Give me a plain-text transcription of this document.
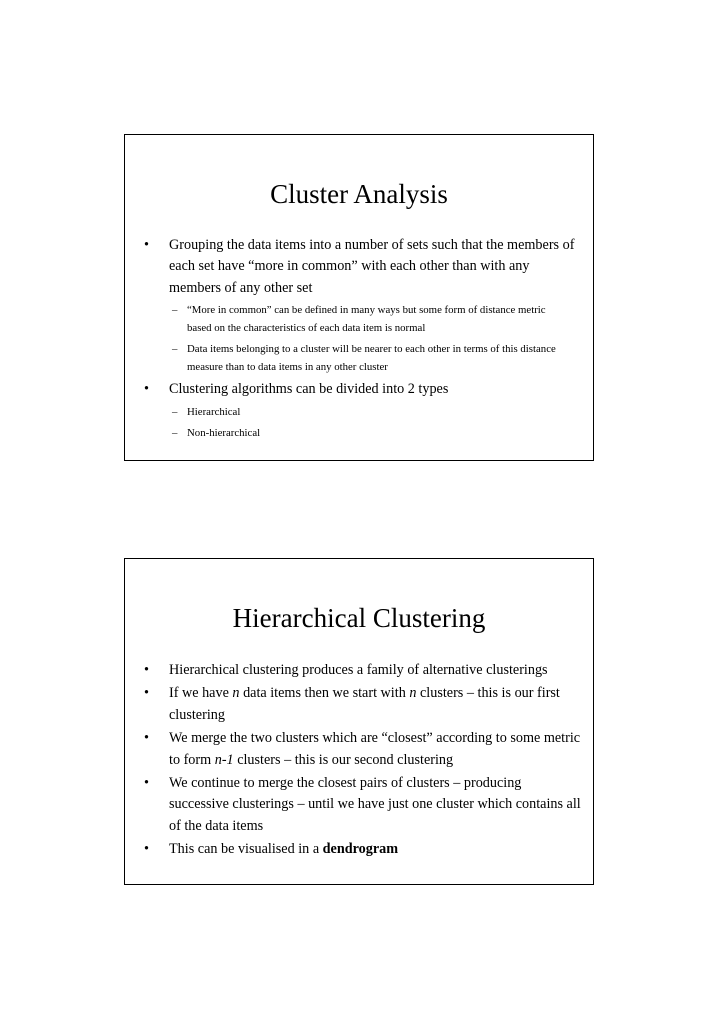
Cluster Analysis
• Grouping the data items into a number of sets such that the members of each set have “more in common” with each other than with any members of any other set
– “More in common” can be defined in many ways but some form of distance metric based on the characteristics of each data item is normal
– Data items belonging to a cluster will be nearer to each other in terms of this distance measure than to data items in any other cluster
• Clustering algorithms can be divided into 2 types
– Hierarchical
– Non-hierarchical
Hierarchical Clustering
• Hierarchical clustering produces a family of alternative clusterings
• If we have n data items then we start with n clusters – this is our first clustering
• We merge the two clusters which are “closest” according to some metric to form n-1 clusters – this is our second clustering
• We continue to merge the closest pairs of clusters – producing successive clusterings – until we have just one cluster which contains all of the data items
• This can be visualised in a dendrogram
